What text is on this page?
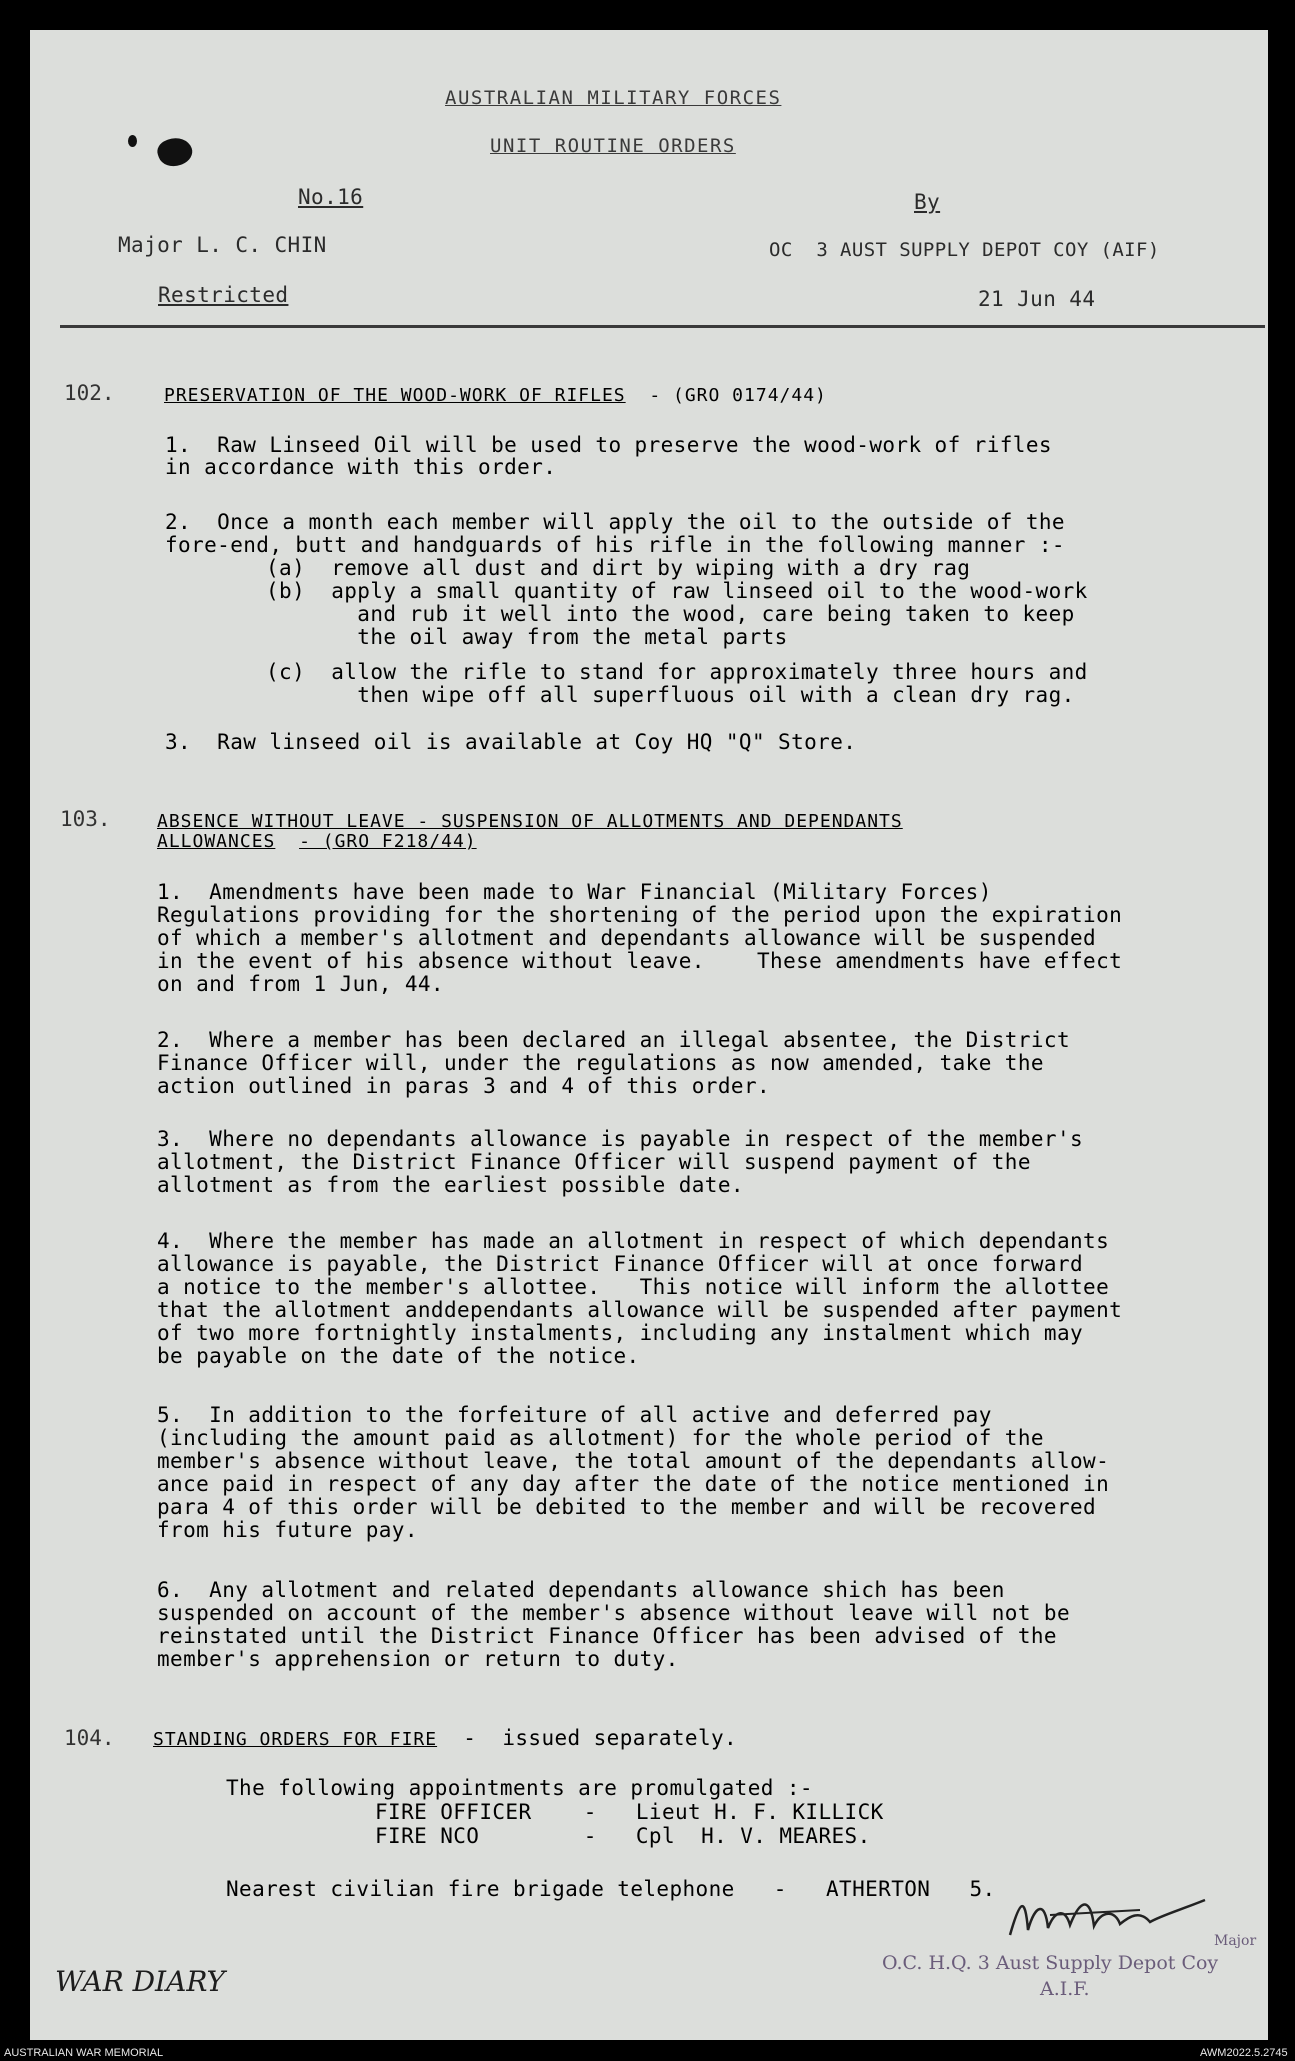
AUSTRALIAN MILITARY FORCES
UNIT ROUTINE ORDERS
No.16	By
Major L. C. CHIN	OC  3 AUST SUPPLY DEPOT COY (AIF)
Restricted	21 Jun 44
102.	PRESERVATION OF THE WOOD-WORK OF RIFLES - (GRO 0174/44)
1.  Raw Linseed Oil will be used to preserve the wood-work of rifles
in accordance with this order.
2.  Once a month each member will apply the oil to the outside of the
fore-end, butt and handguards of his rifle in the following manner :-
(a)  remove all dust and dirt by wiping with a dry rag
(b)  apply a small quantity of raw linseed oil to the wood-work
and rub it well into the wood, care being taken to keep
the oil away from the metal parts
(c)  allow the rifle to stand for approximately three hours and
then wipe off all superfluous oil with a clean dry rag.
3.  Raw linseed oil is available at Coy HQ "Q" Store.
103.	ABSENCE WITHOUT LEAVE - SUSPENSION OF ALLOTMENTS AND DEPENDANTS
ALLOWANCES - (GRO F218/44)
1.  Amendments have been made to War Financial (Military Forces)
Regulations providing for the shortening of the period upon the expiration
of which a member's allotment and dependants allowance will be suspended
in the event of his absence without leave.    These amendments have effect
on and from 1 Jun, 44.
2.  Where a member has been declared an illegal absentee, the District
Finance Officer will, under the regulations as now amended, take the
action outlined in paras 3 and 4 of this order.
3.  Where no dependants allowance is payable in respect of the member's
allotment, the District Finance Officer will suspend payment of the
allotment as from the earliest possible date.
4.  Where the member has made an allotment in respect of which dependants
allowance is payable, the District Finance Officer will at once forward
a notice to the member's allottee.   This notice will inform the allottee
that the allotment anddependants allowance will be suspended after payment
of two more fortnightly instalments, including any instalment which may
be payable on the date of the notice.
5.  In addition to the forfeiture of all active and deferred pay
(including the amount paid as allotment) for the whole period of the
member's absence without leave, the total amount of the dependants allow-
ance paid in respect of any day after the date of the notice mentioned in
para 4 of this order will be debited to the member and will be recovered
from his future pay.
6.  Any allotment and related dependants allowance shich has been
suspended on account of the member's absence without leave will not be
reinstated until the District Finance Officer has been advised of the
member's apprehension or return to duty.
104. STANDING ORDERS FOR FIRE -  issued separately.
The following appointments are promulgated :-
FIRE OFFICER    -   Lieut H. F. KILLICK
FIRE NCO        -   Cpl  H. V. MEARES.
Nearest civilian fire brigade telephone   -   ATHERTON   5.
Major
O.C. H.Q. 3 Aust Supply Depot Coy
A.I.F.
WAR DIARY
AUSTRALIAN WAR MEMORIAL	AWM2022.5.2745
